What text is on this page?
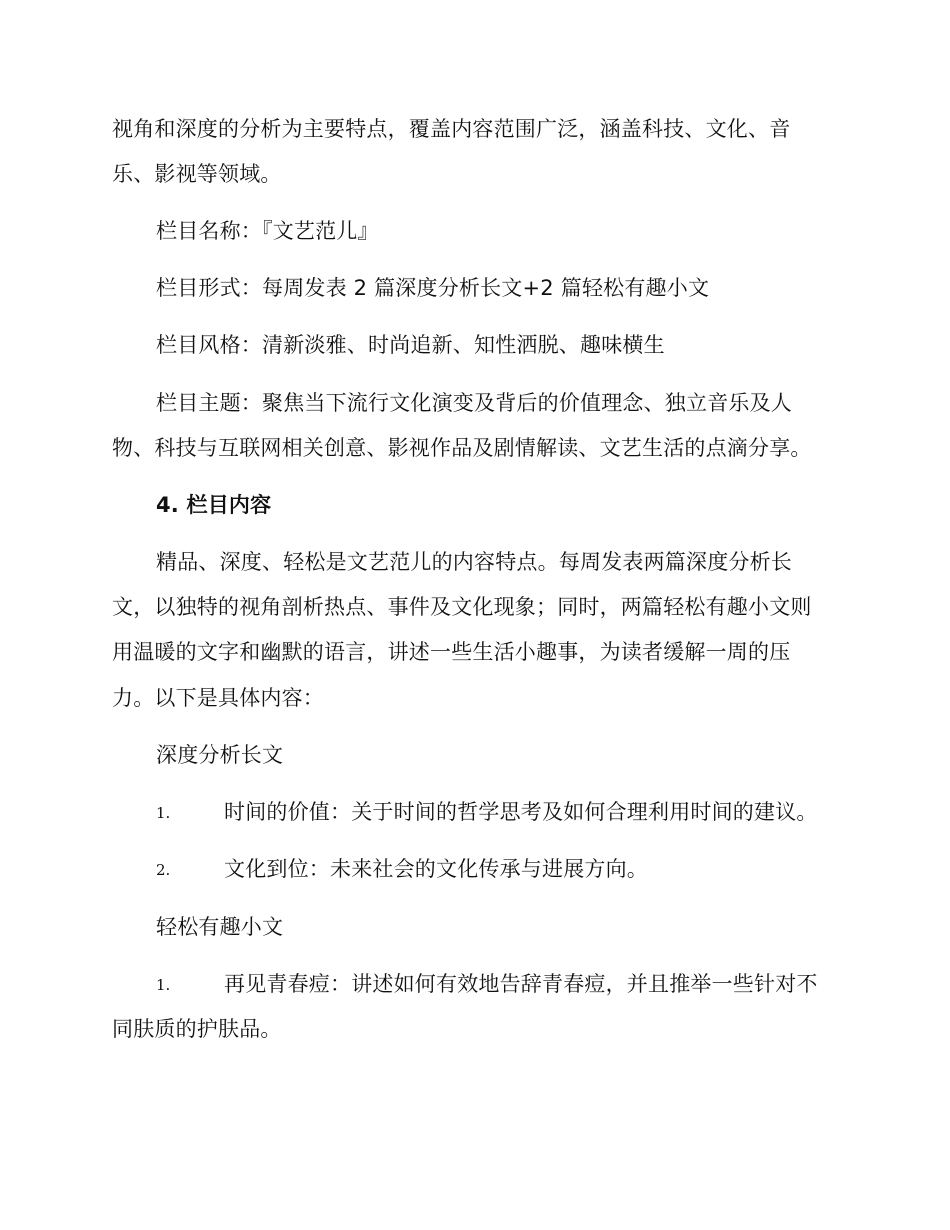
视角和深度的分析为主要特点，覆盖内容范围广泛，涵盖科技、文化、音
乐、影视等领域。
栏目名称：『文艺范儿』
栏目形式：每周发表 2 篇深度分析长文+2 篇轻松有趣小文
栏目风格：清新淡雅、时尚追新、知性洒脱、趣味横生
栏目主题：聚焦当下流行文化演变及背后的价值理念、独立音乐及人
物、科技与互联网相关创意、影视作品及剧情解读、文艺生活的点滴分享。
4. 栏目内容
精品、深度、轻松是文艺范儿的内容特点。每周发表两篇深度分析长
文，以独特的视角剖析热点、事件及文化现象；同时，两篇轻松有趣小文则
用温暖的文字和幽默的语言，讲述一些生活小趣事，为读者缓解一周的压
力。以下是具体内容：
深度分析长文
1.	时间的价值：关于时间的哲学思考及如何合理利用时间的建议。
2.	文化到位：未来社会的文化传承与进展方向。
轻松有趣小文
1.	再见青春痘：讲述如何有效地告辞青春痘，并且推举一些针对不
同肤质的护肤品。
